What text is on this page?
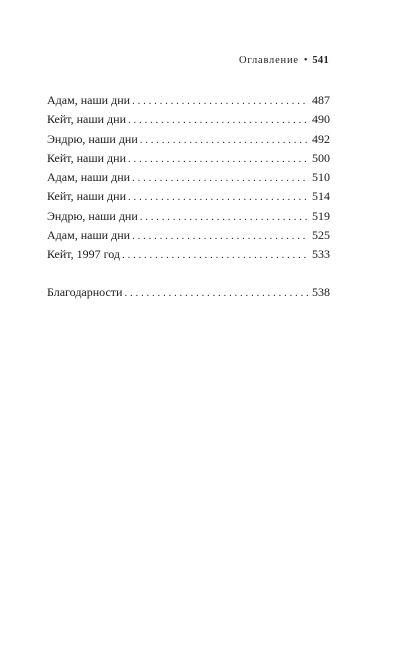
Оглавление • 541
Адам, наши дни . . .	487
Кейт, наши дни . . .	490
Эндрю, наши дни . . .	492
Кейт, наши дни . . .	500
Адам, наши дни . . .	510
Кейт, наши дни . . .	514
Эндрю, наши дни . . .	519
Адам, наши дни . . .	525
Кейт, 1997 год . . .	533
Благодарности . . .	538
